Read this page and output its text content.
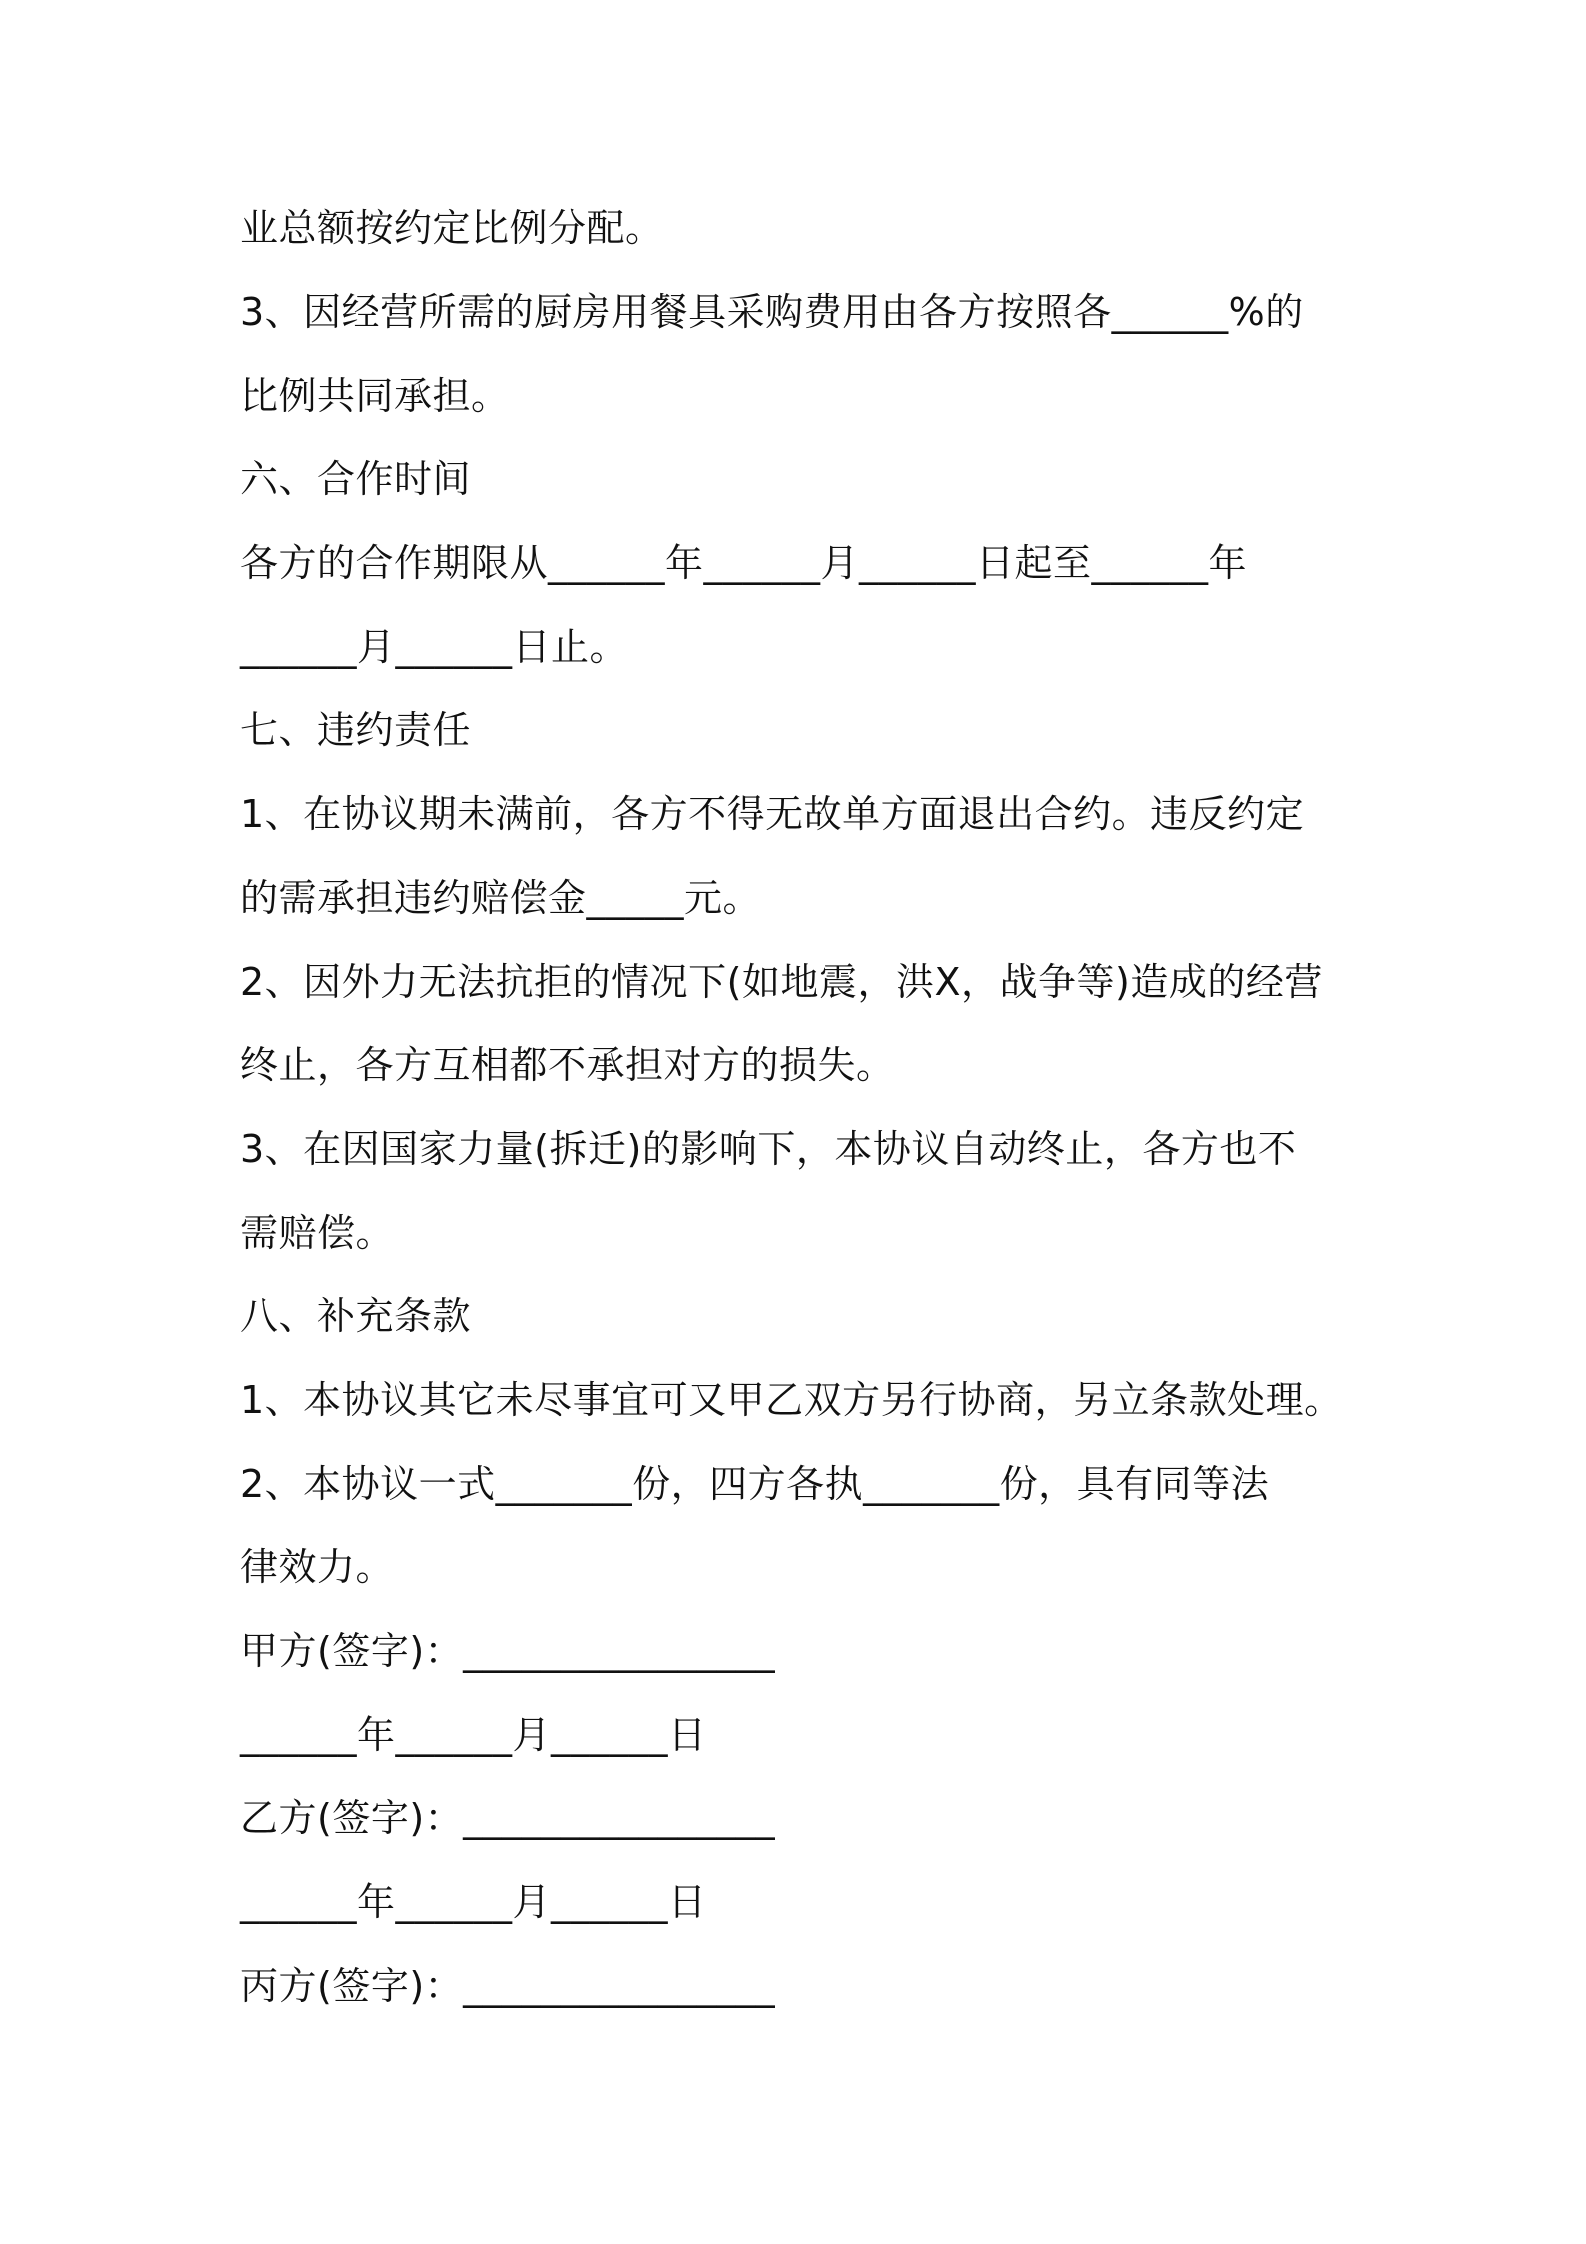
业总额按约定比例分配。
3、因经营所需的厨房用餐具采购费用由各方按照各______%的
比例共同承担。
六、合作时间
各方的合作期限从______年______月______日起至______年
______月______日止。
七、违约责任
1、在协议期未满前，各方不得无故单方面退出合约。违反约定
的需承担违约赔偿金_____元。
2、因外力无法抗拒的情况下(如地震，洪X，战争等)造成的经营
终止，各方互相都不承担对方的损失。
3、在因国家力量(拆迁)的影响下，本协议自动终止，各方也不
需赔偿。
八、补充条款
1、本协议其它未尽事宜可又甲乙双方另行协商，另立条款处理。
2、本协议一式_______份，四方各执_______份，具有同等法
律效力。
甲方(签字)：________________
______年______月______日
乙方(签字)：________________
______年______月______日
丙方(签字)：________________
